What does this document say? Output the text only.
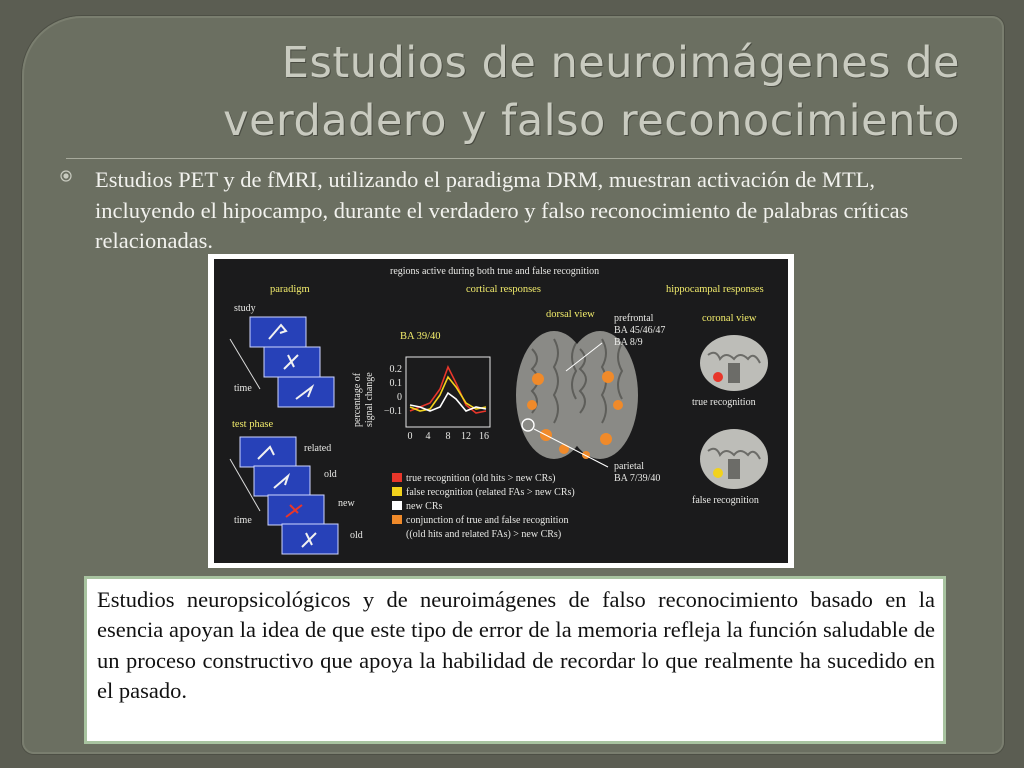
Estudios de neuroimágenes de
verdadero y falso reconocimiento
Estudios PET y de fMRI, utilizando el paradigma DRM, muestran activación de MTL, incluyendo el hipocampo, durante el verdadero y falso reconocimiento de palabras críticas relacionadas.
regions active during both true and false recognition
paradigm	cortical responses	hippocampal responses
study
time
test phase
related
old
new
old
time
BA 39/40
percentage of signal change
0.2
0.1
0
−0.1
0 4 8 12 16
dorsal view prefrontal
BA 45/46/47
BA 8/9
parietal
BA 7/39/40
coronal view
true recognition
false recognition
true recognition (old hits > new CRs)
false recognition (related FAs > new CRs)
new CRs
conjunction of true and false recognition
((old hits and related FAs) > new CRs)

Estudios neuropsicológicos y de neuroimágenes de falso reconocimiento basado en la esencia apoyan la idea de que este tipo de error de la memoria refleja la función saludable de un proceso constructivo que apoya la habilidad de recordar lo que realmente ha sucedido en el pasado.
